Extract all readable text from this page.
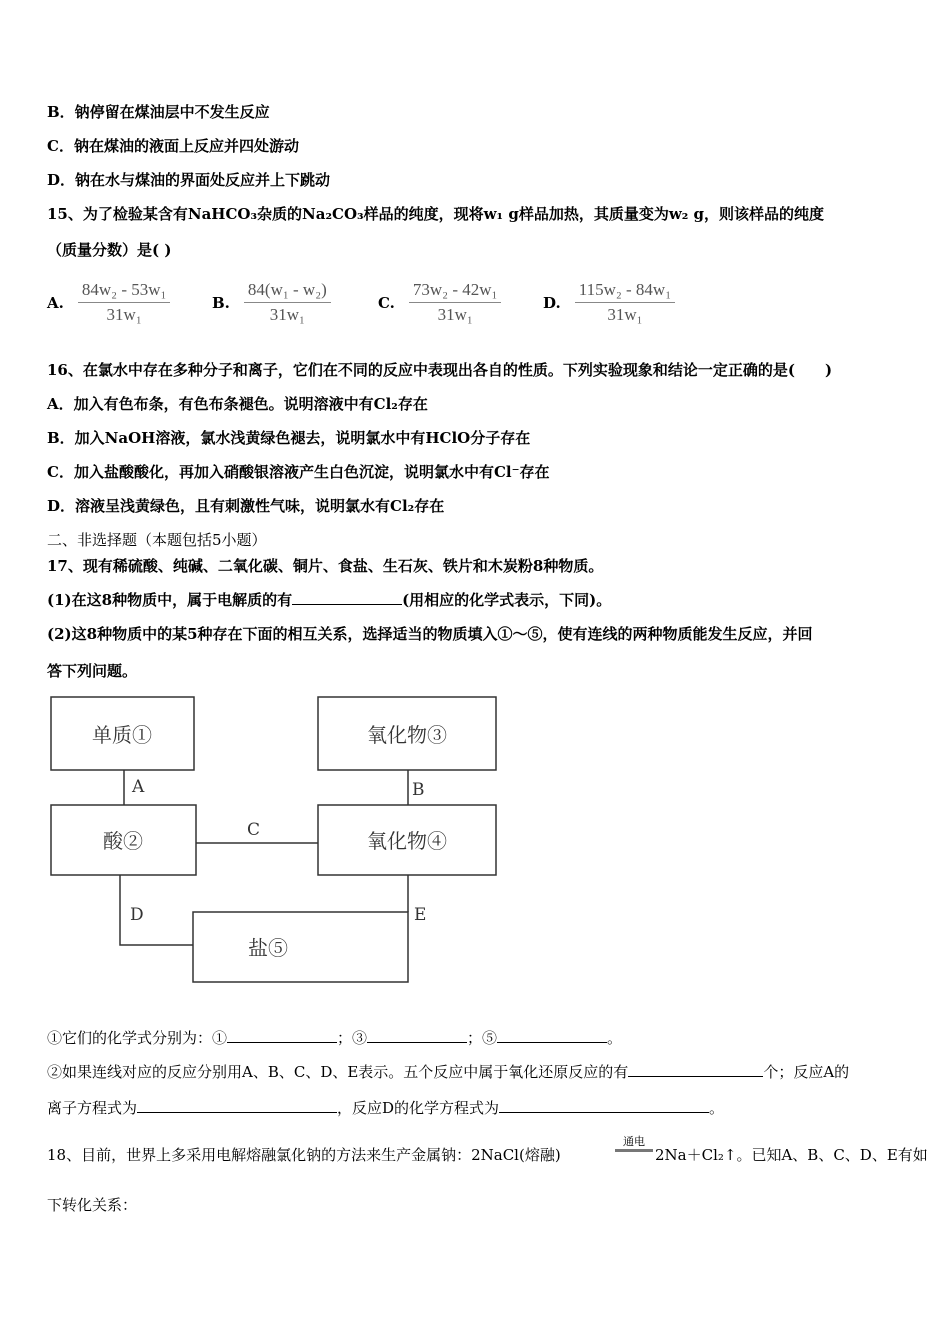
B．钠停留在煤油层中不发生反应
C．钠在煤油的液面上反应并四处游动
D．钠在水与煤油的界面处反应并上下跳动
15、为了检验某含有NaHCO₃杂质的Na₂CO₃样品的纯度，现将w₁ g样品加热，其质量变为w₂ g，则该样品的纯度
（质量分数）是( )
A. $\frac{\text{84w₂ - 53w₁}}{\text{31w₁}}$	B. $\frac{\text{84(w₁ - w₂)}}{\text{31w₁}}$	C. $\frac{\text{73w₂ - 42w₁}}{\text{31w₁}}$	D. $\frac{\text{115w₂ - 84w₁}}{\text{31w₁}}$
16、在氯水中存在多种分子和离子，它们在不同的反应中表现出各自的性质。下列实验现象和结论一定正确的是(　　)
A．加入有色布条，有色布条褪色。说明溶液中有Cl₂存在
B．加入NaOH溶液，氯水浅黄绿色褪去，说明氯水中有HClO分子存在
C．加入盐酸酸化，再加入硝酸银溶液产生白色沉淀，说明氯水中有Cl⁻存在
D．溶液呈浅黄绿色，且有刺激性气味，说明氯水有Cl₂存在
二、非选择题（本题包括5小题）
17、现有稀硫酸、纯碱、二氧化碳、铜片、食盐、生石灰、铁片和木炭粉8种物质。
(1)在这8种物质中，属于电解质的有	(用相应的化学式表示，下同)。
(2)这8种物质中的某5种存在下面的相互关系，选择适当的物质填入①～⑤，使有连线的两种物质能发生反应，并回
答下列问题。
单质①	氧化物③
酸②	氧化物④
盐⑤
A	B
C
D	E
①它们的化学式分别为：①	；③	；⑤	。
②如果连线对应的反应分别用A、B、C、D、E表示。五个反应中属于氧化还原反应的有	个；反应A的
离子方程式为	，反应D的化学方程式为	。
18、目前，世界上多采用电解熔融氯化钠的方法来生产金属钠：2NaCl(熔融)
通电
2Na＋Cl₂↑。已知A、B、C、D、E有如
下转化关系：
